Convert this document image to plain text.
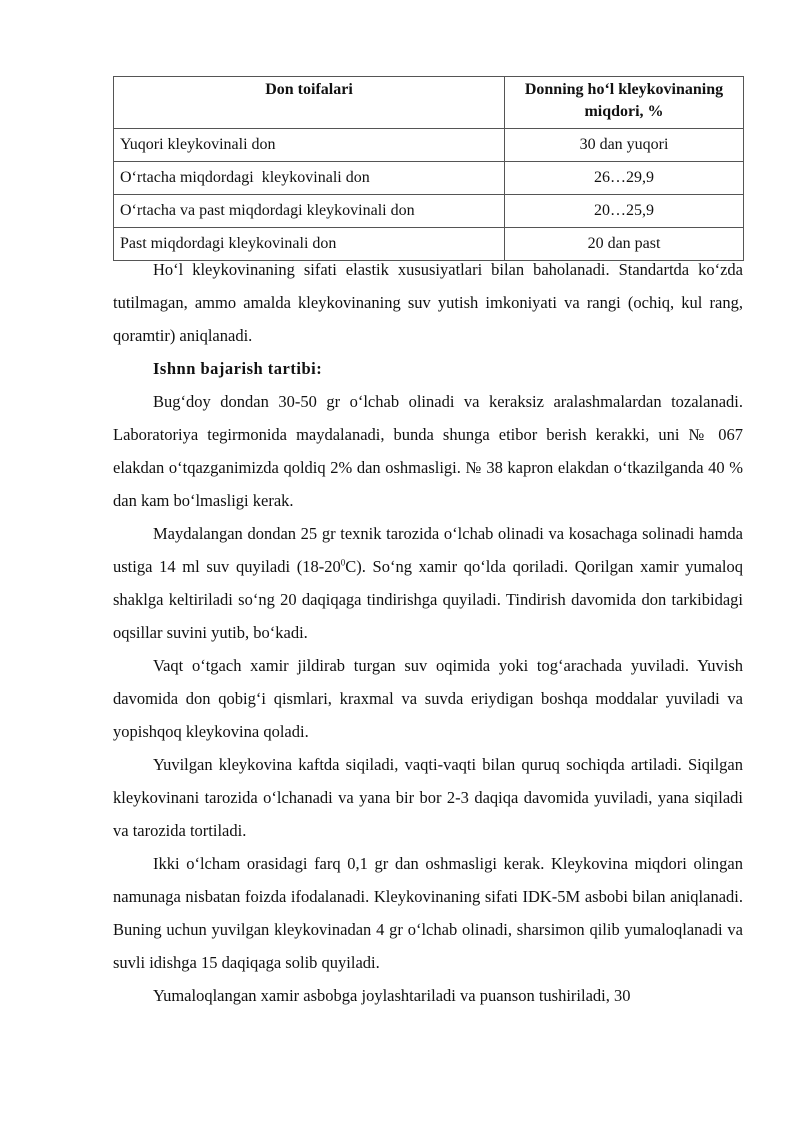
Don toifalari	Donning ho‘l kleykovinaning miqdori, %
Yuqori kleykovinali don	30 dan yuqori
O‘rtacha miqdordagi  kleykovinali don	26…29,9
O‘rtacha va past miqdordagi kleykovinali don	20…25,9
Past miqdordagi kleykovinali don	20 dan past

Ho‘l kleykovinaning sifati elastik xususiyatlari bilan baholanadi. Standartda ko‘zda tutilmagan, ammo amalda kleykovinaning suv yutish imkoniyati va rangi (ochiq, kul rang, qoramtir) aniqlanadi.

Ishnn bajarish tartibi:

Bug‘doy dondan 30-50 gr o‘lchab olinadi va keraksiz aralashmalardan tozalanadi. Laboratoriya tegirmonida maydalanadi, bunda shunga etibor berish kerakki, uni № 067 elakdan o‘tqazganimizda qoldiq 2% dan oshmasligi. № 38 kapron elakdan o‘tkazilganda 40 % dan kam bo‘lmasligi kerak.

Maydalangan dondan 25 gr texnik tarozida o‘lchab olinadi va kosachaga solinadi hamda ustiga 14 ml suv quyiladi $(18-20^0C)$. So‘ng xamir qo‘lda qoriladi. Qorilgan xamir yumaloq shaklga keltiriladi so‘ng 20 daqiqaga tindirishga quyiladi. Tindirish davomida don tarkibidagi oqsillar suvini yutib, bo‘kadi.

Vaqt o‘tgach xamir jildirab turgan suv oqimida yoki tog‘arachada yuviladi. Yuvish davomida don qobig‘i qismlari, kraxmal va suvda eriydigan boshqa moddalar yuviladi va yopishqoq kleykovina qoladi.

Yuvilgan kleykovina kaftda siqiladi, vaqti-vaqti bilan quruq sochiqda artiladi. Siqilgan kleykovinani tarozida o‘lchanadi va yana bir bor 2-3 daqiqa davomida yuviladi, yana siqiladi va tarozida tortiladi.

Ikki o‘lcham orasidagi farq 0,1 gr dan oshmasligi kerak. Kleykovina miqdori olingan namunaga nisbatan foizda ifodalanadi. Kleykovinaning sifati IDK-5M asbobi bilan aniqlanadi. Buning uchun yuvilgan kleykovinadan 4 gr o‘lchab olinadi, sharsimon qilib yumaloqlanadi va suvli idishga 15 daqiqaga solib quyiladi.

Yumaloqlangan xamir asbobga joylashtariladi va puanson tushiriladi, 30
